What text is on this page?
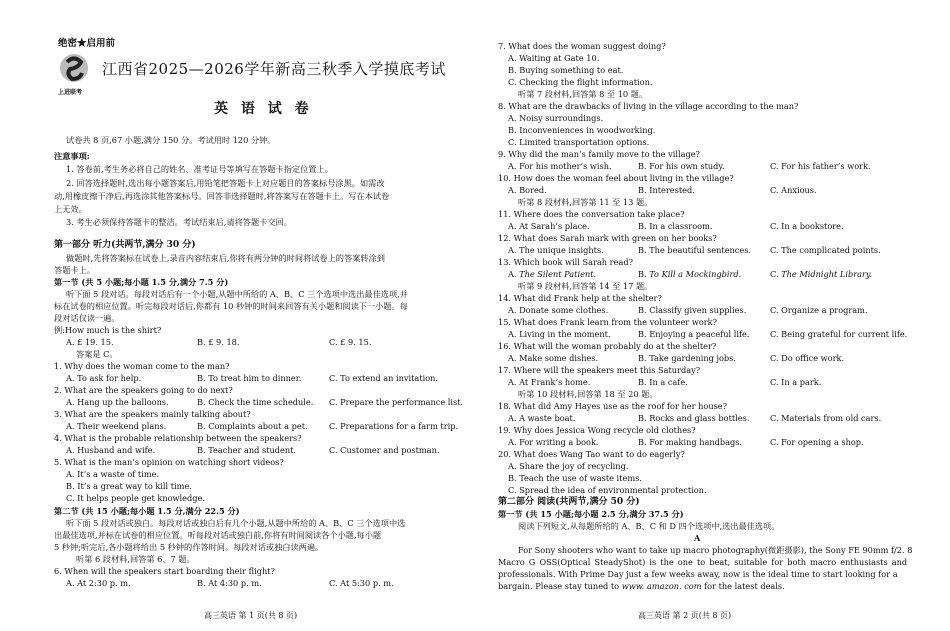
绝密★启用前
上进联考
江西省2025—2026学年新高三秋季入学摸底考试
英 语 试 卷
试卷共 8 页,67 小题,满分 150 分。考试用时 120 分钟。
注意事项:
1. 答卷前,考生务必将自己的姓名、准考证号等填写在答题卡指定位置上。
2. 回答选择题时,选出每小题答案后,用铅笔把答题卡上对应题目的答案标号涂黑。如需改
动,用橡皮擦干净后,再选涂其他答案标号。回答非选择题时,将答案写在答题卡上。写在本试卷
上无效。
3. 考生必须保持答题卡的整洁。考试结束后,请将答题卡交回。
第一部分 听力(共两节,满分 30 分)
做题时,先将答案标在试卷上,录音内容结束后,你将有两分钟的时间将试卷上的答案转涂到
答题卡上。
第一节 (共 5 小题;每小题 1.5 分,满分 7.5 分)
听下面 5 段对话。每段对话后有一个小题,从题中所给的 A、B、C 三个选项中选出最佳选项,并
标在试卷的相应位置。听完每段对话后,你都有 10 秒钟的时间来回答有关小题和阅读下一小题。每
段对话仅读一遍。
例:How much is the shirt?
A. £ 19. 15.	B. £ 9. 18.	C. £ 9. 15.
答案是 C。
1. Why does the woman come to the man?
A. To ask for help.	B. To treat him to dinner.	C. To extend an invitation.
2. What are the speakers going to do next?
A. Hang up the balloons.	B. Check the time schedule. C. Prepare the performance list.
3. What are the speakers mainly talking about?
A. Their weekend plans.	B. Complaints about a pet.	C. Preparations for a farm trip.
4. What is the probable relationship between the speakers?
A. Husband and wife.	B. Teacher and student.	C. Customer and postman.
5. What is the man’s opinion on watching short videos?
A. It’s a waste of time.
B. It’s a great way to kill time.
C. It helps people get knowledge.
第二节 (共 15 小题;每小题 1.5 分,满分 22.5 分)
听下面 5 段对话或独白。每段对话或独白后有几个小题,从题中所给的 A、B、C 三个选项中选
出最佳选项,并标在试卷的相应位置。听每段对话或独白前,你将有时间阅读各个小题,每小题
5 秒钟;听完后,各小题将给出 5 秒钟的作答时间。每段对话或独白读两遍。
听第 6 段材料,回答第 6、7 题。
6. When will the speakers start boarding their flight?
A. At 2:30 p. m.	B. At 4:30 p. m.	C. At 5:30 p. m.
高三英语 第 1 页(共 8 页)
7. What does the woman suggest doing?
A. Waiting at Gate 10.
B. Buying something to eat.
C. Checking the flight information.
听第 7 段材料,回答第 8 至 10 题。
8. What are the drawbacks of living in the village according to the man?
A. Noisy surroundings.
B. Inconveniences in woodworking.
C. Limited transportation options.
9. Why did the man’s family move to the village?
A. For his mother’s wish.	B. For his own study.	C. For his father’s work.
10. How does the woman feel about living in the village?
A. Bored.	B. Interested.	C. Anxious.
听第 8 段材料,回答第 11 至 13 题。
11. Where does the conversation take place?
A. At Sarah’s place.	B. In a classroom.	C. In a bookstore.
12. What does Sarah mark with green on her books?
A. The unique insights.	B. The beautiful sentences. C. The complicated points.
13. Which book will Sarah read?
A. The Silent Patient.	B. To Kill a Mockingbird.	C. The Midnight Library.
听第 9 段材料,回答第 14 至 17 题。
14. What did Frank help at the shelter?
A. Donate some clothes.	B. Classify given supplies.	C. Organize a program.
15. What does Frank learn from the volunteer work?
A. Living in the moment.	B. Enjoying a peaceful life.	C. Being grateful for current life.
16. What will the woman probably do at the shelter?
A. Make some dishes.	B. Take gardening jobs.	C. Do office work.
17. Where will the speakers meet this Saturday?
A. At Frank’s home.	B. In a cafe.	C. In a park.
听第 10 段材料,回答第 18 至 20 题。
18. What did Amy Hayes use as the roof for her house?
A. A waste boat.	B. Rocks and glass bottles.	C. Materials from old cars.
19. Why does Jessica Wong recycle old clothes?
A. For writing a book.	B. For making handbags.	C. For opening a shop.
20. What does Wang Tao want to do eagerly?
A. Share the joy of recycling.
B. Teach the use of waste items.
C. Spread the idea of environmental protection.
第二部分 阅读(共两节,满分 50 分)
第一节 (共 15 小题;每小题 2.5 分,满分 37.5 分)
阅读下列短文,从每题所给的 A、B、C 和 D 四个选项中,选出最佳选项。
A
For Sony shooters who want to take up macro photography(微距摄影), the Sony FE 90mm f/2. 8
Macro G OSS(Optical SteadyShot) is the one to beat, suitable for both macro enthusiasts and
professionals. With Prime Day just a few weeks away, now is the ideal time to start looking for a
bargain. Please stay tuned to www. amazon. com for the latest deals.
高三英语 第 2 页(共 8 页)
